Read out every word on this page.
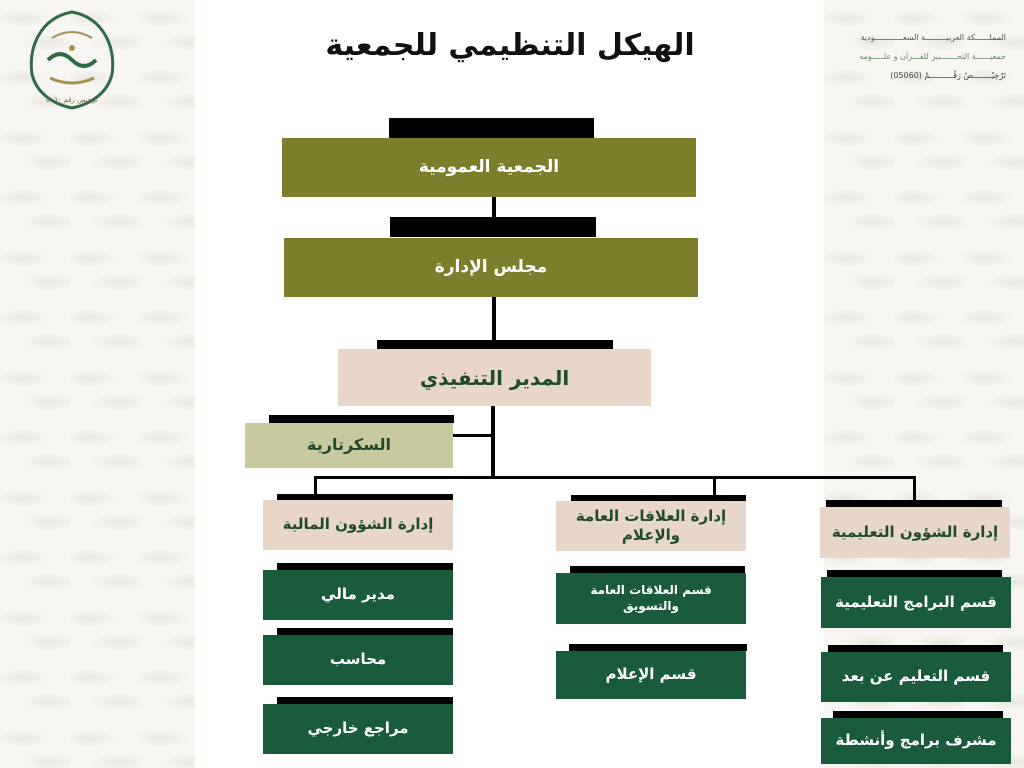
ترخيص رقم ٥٠٦٠
المملــــــكة العربيـــــــــة السعــــــــــــودية
جمعيــــــة التحـــــــبير للقـــرآن و علـــــومه
تَرْخِيْــــــــصُ رَقْــــــــــمْ (05060)
الهيكل التنظيمي للجمعية
الجمعية العمومية
مجلس الإدارة
المدير التنفيذي
السكرتارية
إدارة الشؤون المالية	إدارة العلاقات العامة والإعلام	إدارة الشؤون التعليمية
مدير مالي
محاسب
مراجع خارجي
قسم العلاقات العامة والتسويق
قسم الإعلام
قسم البرامج التعليمية
قسم التعليم عن بعد
مشرف برامج وأنشطة
